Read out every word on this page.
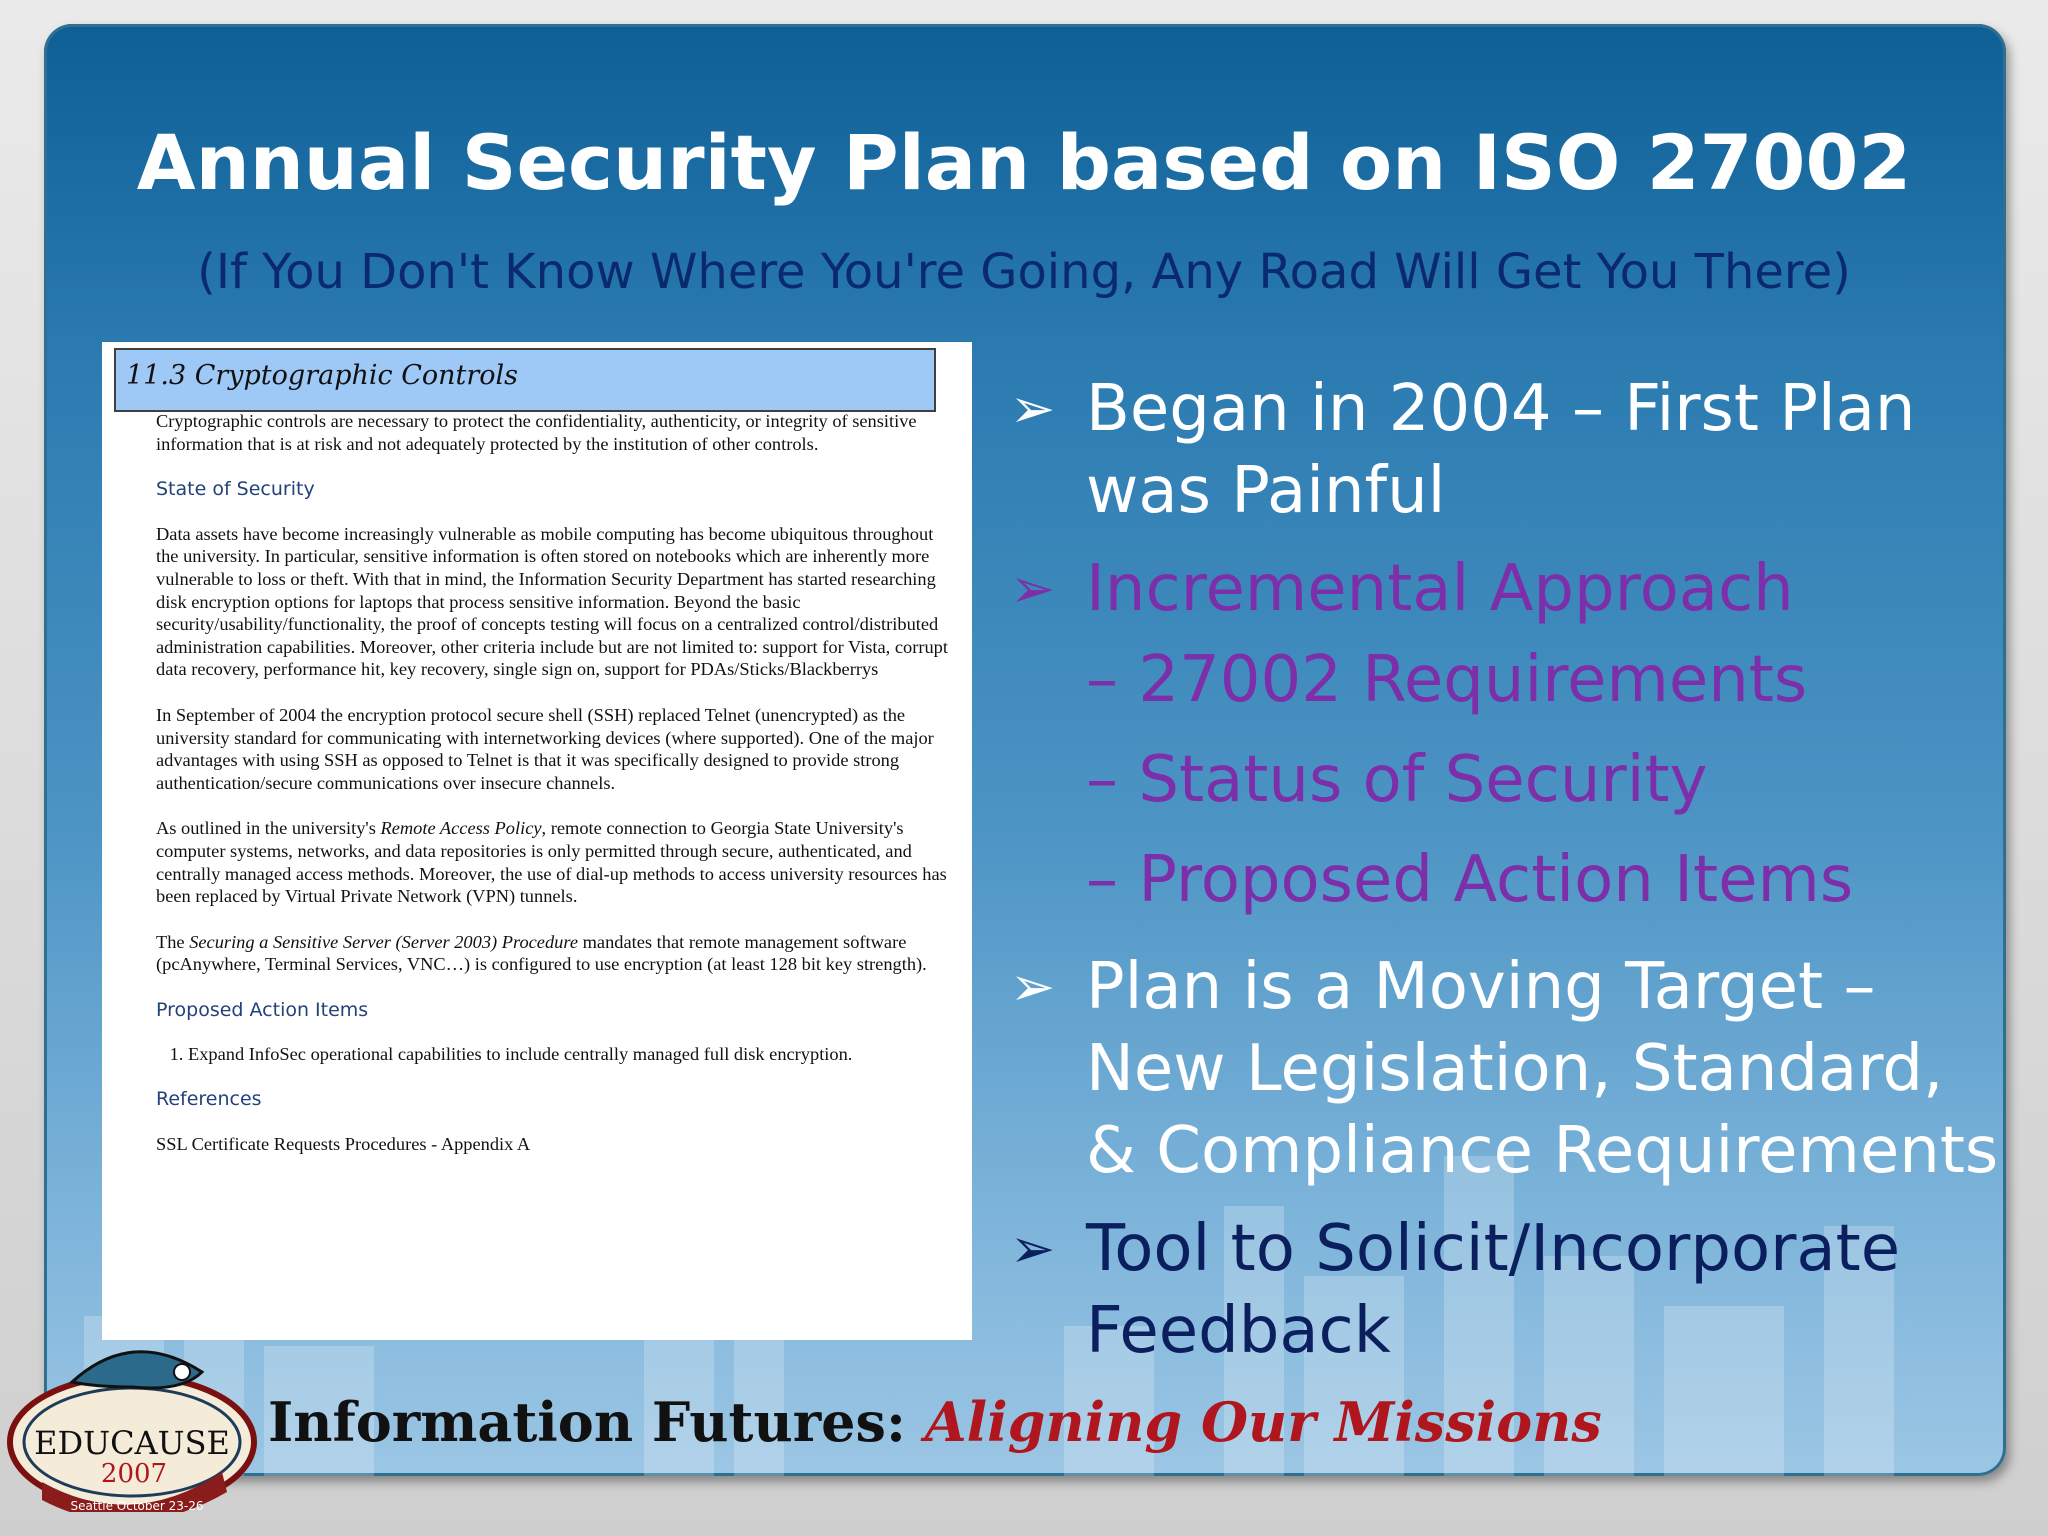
Annual Security Plan based on ISO 27002
(If You Don't Know Where You're Going, Any Road Will Get You There)
11.3 Cryptographic Controls

Cryptographic controls are necessary to protect the confidentiality, authenticity, or integrity of sensitive information that is at risk and not adequately protected by the institution of other controls.

State of Security

Data assets have become increasingly vulnerable as mobile computing has become ubiquitous throughout the university. In particular, sensitive information is often stored on notebooks which are inherently more vulnerable to loss or theft. With that in mind, the Information Security Department has started researching disk encryption options for laptops that process sensitive information. Beyond the basic security/usability/functionality, the proof of concepts testing will focus on a centralized control/distributed administration capabilities. Moreover, other criteria include but are not limited to: support for Vista, corrupt data recovery, performance hit, key recovery, single sign on, support for PDAs/Sticks/Blackberrys

In September of 2004 the encryption protocol secure shell (SSH) replaced Telnet (unencrypted) as the university standard for communicating with internetworking devices (where supported). One of the major advantages with using SSH as opposed to Telnet is that it was specifically designed to provide strong authentication/secure communications over insecure channels.

As outlined in the university's Remote Access Policy, remote connection to Georgia State University's computer systems, networks, and data repositories is only permitted through secure, authenticated, and centrally managed access methods. Moreover, the use of dial-up methods to access university resources has been replaced by Virtual Private Network (VPN) tunnels.

The Securing a Sensitive Server (Server 2003) Procedure mandates that remote management software (pcAnywhere, Terminal Services, VNC…) is configured to use encryption (at least 128 bit key strength).

Proposed Action Items
1. Expand InfoSec operational capabilities to include centrally managed full disk encryption.
References

SSL Certificate Requests Procedures - Appendix A

➢ Began in 2004 – First Plan was Painful
➢ Incremental Approach
– 27002 Requirements
– Status of Security
– Proposed Action Items
➢ Plan is a Moving Target – New Legislation, Standard, & Compliance Requirements
➢ Tool to Solicit/Incorporate Feedback
EDUCAUSE
2007
Seattle October 23-26
Information Futures: Aligning Our Missions
